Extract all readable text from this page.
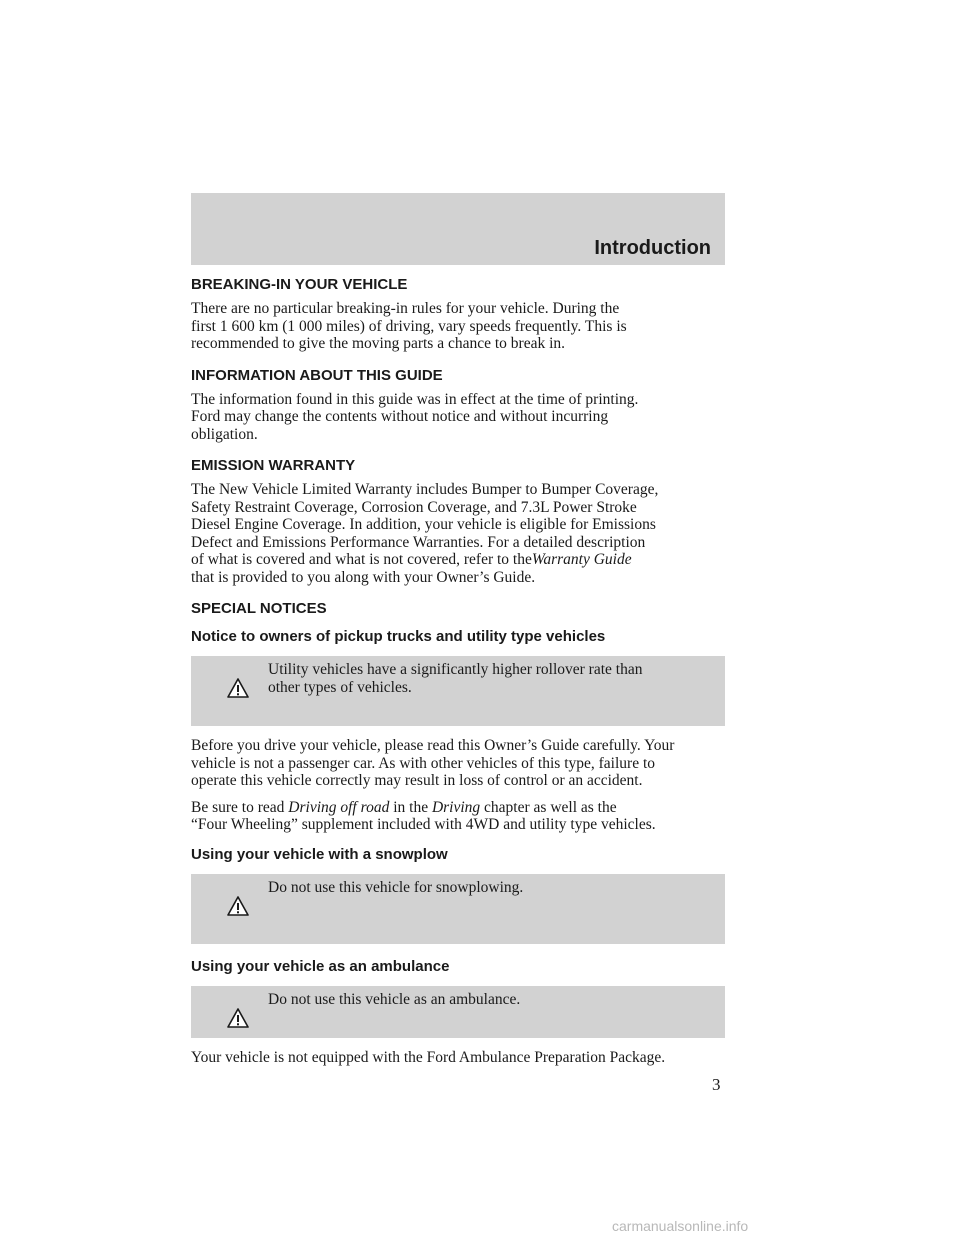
Introduction
BREAKING-IN YOUR VEHICLE

There are no particular breaking-in rules for your vehicle. During the
first 1 600 km (1 000 miles) of driving, vary speeds frequently. This is
recommended to give the moving parts a chance to break in.

INFORMATION ABOUT THIS GUIDE

The information found in this guide was in effect at the time of printing.
Ford may change the contents without notice and without incurring
obligation.

EMISSION WARRANTY

The New Vehicle Limited Warranty includes Bumper to Bumper Coverage,
Safety Restraint Coverage, Corrosion Coverage, and 7.3L Power Stroke
Diesel Engine Coverage. In addition, your vehicle is eligible for Emissions
Defect and Emissions Performance Warranties. For a detailed description
of what is covered and what is not covered, refer to theWarranty Guide
that is provided to you along with your Owner’s Guide.

SPECIAL NOTICES
Notice to owners of pickup trucks and utility type vehicles

Utility vehicles have a significantly higher rollover rate than
other types of vehicles.

Before you drive your vehicle, please read this Owner’s Guide carefully. Your
vehicle is not a passenger car. As with other vehicles of this type, failure to
operate this vehicle correctly may result in loss of control or an accident.

Be sure to read Driving off road in the Driving chapter as well as the
“Four Wheeling” supplement included with 4WD and utility type vehicles.

Using your vehicle with a snowplow

Do not use this vehicle for snowplowing.

Using your vehicle as an ambulance

Do not use this vehicle as an ambulance.

Your vehicle is not equipped with the Ford Ambulance Preparation Package.

3
carmanualsonline.info
